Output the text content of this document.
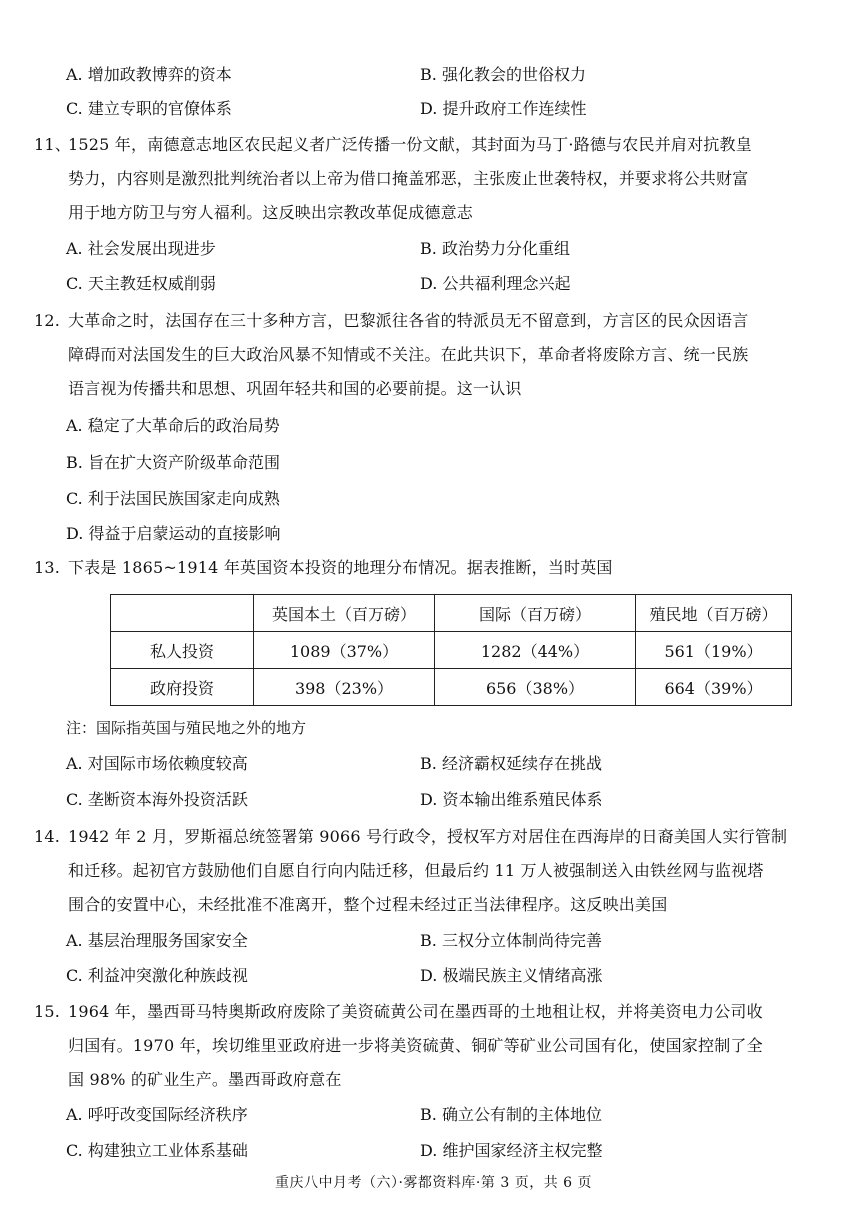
A. 增加政教博弈的资本	B. 强化教会的世俗权力
C. 建立专职的官僚体系	D. 提升政府工作连续性
11、1525 年，南德意志地区农民起义者广泛传播一份文献，其封面为马丁·路德与农民并肩对抗教皇
势力，内容则是激烈批判统治者以上帝为借口掩盖邪恶，主张废止世袭特权，并要求将公共财富
用于地方防卫与穷人福利。这反映出宗教改革促成德意志
A. 社会发展出现进步	B. 政治势力分化重组
C. 天主教廷权威削弱	D. 公共福利理念兴起
12. 大革命之时，法国存在三十多种方言，巴黎派往各省的特派员无不留意到，方言区的民众因语言
障碍而对法国发生的巨大政治风暴不知情或不关注。在此共识下，革命者将废除方言、统一民族
语言视为传播共和思想、巩固年轻共和国的必要前提。这一认识
A. 稳定了大革命后的政治局势
B. 旨在扩大资产阶级革命范围
C. 利于法国民族国家走向成熟
D. 得益于启蒙运动的直接影响
13. 下表是 1865~1914 年英国资本投资的地理分布情况。据表推断，当时英国
	英国本土（百万磅）	国际（百万磅）	殖民地（百万磅）
私人投资	1089（37%）	1282（44%）	561（19%）
政府投资	398（23%）	656（38%）	664（39%）
注：国际指英国与殖民地之外的地方
A. 对国际市场依赖度较高	B. 经济霸权延续存在挑战
C. 垄断资本海外投资活跃	D. 资本输出维系殖民体系
14. 1942 年 2 月，罗斯福总统签署第 9066 号行政令，授权军方对居住在西海岸的日裔美国人实行管制
和迁移。起初官方鼓励他们自愿自行向内陆迁移，但最后约 11 万人被强制送入由铁丝网与监视塔
围合的安置中心，未经批准不准离开，整个过程未经过正当法律程序。这反映出美国
A. 基层治理服务国家安全	B. 三权分立体制尚待完善
C. 利益冲突激化种族歧视	D. 极端民族主义情绪高涨
15. 1964 年，墨西哥马特奥斯政府废除了美资硫黄公司在墨西哥的土地租让权，并将美资电力公司收
归国有。1970 年，埃切维里亚政府进一步将美资硫黄、铜矿等矿业公司国有化，使国家控制了全
国 98% 的矿业生产。墨西哥政府意在
A. 呼吁改变国际经济秩序	B. 确立公有制的主体地位
C. 构建独立工业体系基础	D. 维护国家经济主权完整
重庆八中月考（六）·雾都资料库·第 3 页，共 6 页
